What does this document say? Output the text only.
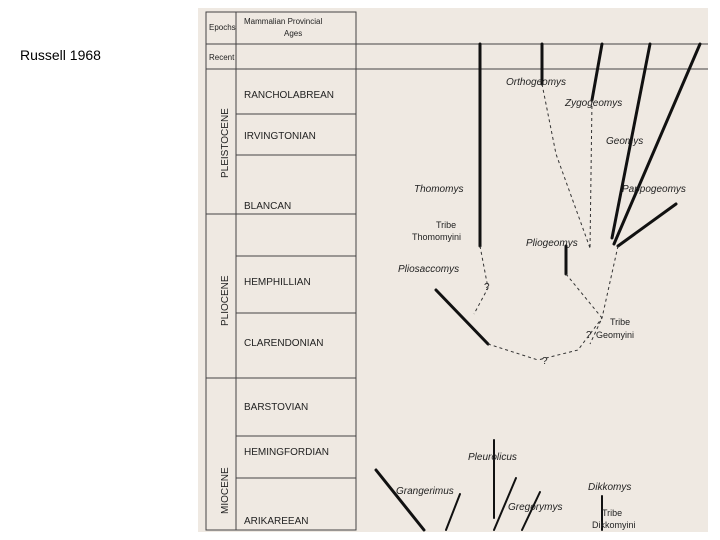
Russell 1968
Epochs
Mammalian Provincial
Ages
Recent
PLEISTOCENE
PLIOCENE
MIOCENE
RANCHOLABREAN
IRVINGTONIAN
BLANCAN
HEMPHILLIAN
CLARENDONIAN
BARSTOVIAN
HEMINGFORDIAN
ARIKAREEAN
?
?
?
Orthogeomys
Zygogeomys
Geomys
Thomomys	Pappogeomys
Tribe
Thomomyini
Pliogeomys
Pliosaccomys
Tribe
Geomyini
Pleurolicus
Dikkomys
Gregorymys
Grangerimus
Tribe
Dikkomyini
